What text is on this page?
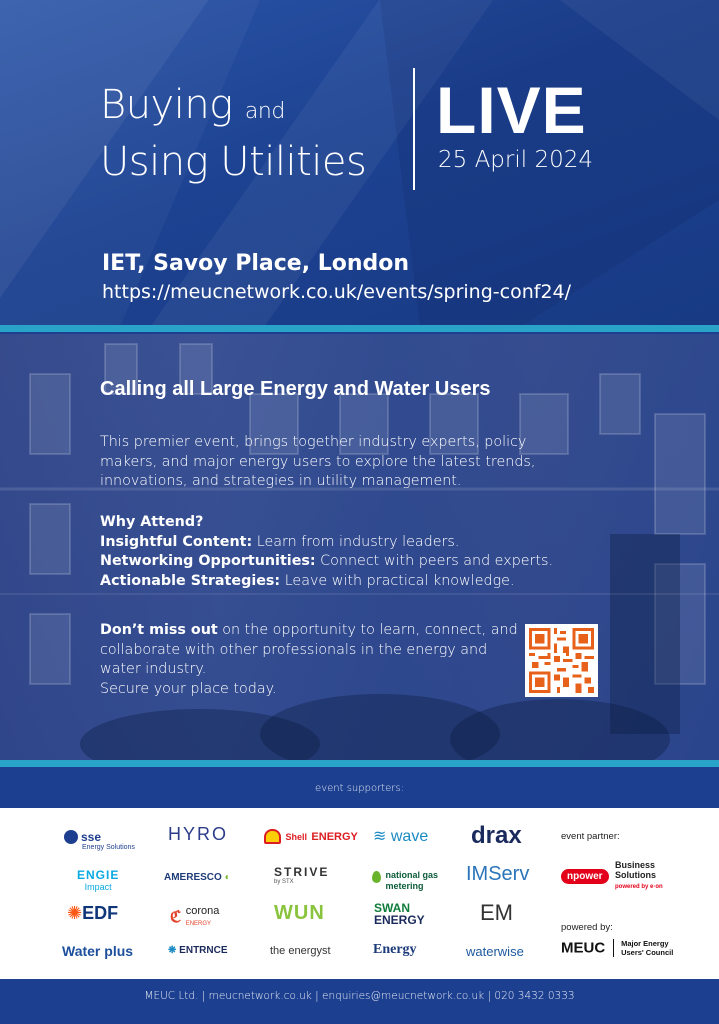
Buying and
Using Utilities
LIVE
25 April 2024
IET, Savoy Place, London
https://meucnetwork.co.uk/events/spring-conf24/
Calling all Large Energy and Water Users
This premier event, brings together industry experts, policy makers, and major energy users to explore the latest trends, innovations, and strategies in utility management.
Why Attend?
Insightful Content: Learn from industry leaders.
Networking Opportunities: Connect with peers and experts.
Actionable Strategies: Leave with practical knowledge.
Don’t miss out on the opportunity to learn, connect, and collaborate with other professionals in the energy and water industry.
Secure your place today.
event supporters:
sse
Energy Solutions
HYRO	Shell ENERGY ≋ wave drax	event partner:
ENGIE
Impact
AMERESCO ◐	STRIVE
by STX
national gas
metering
IMServ	npower Business
Solutions
powered by e·on
✺EDF	ℭ corona
ENERGY	WUN	SWAN
ENERGY	EM
powered by:
Water plus	❋ ENTRNCE	the energyst	Energy	waterwise MEUC Major Energy
Users' Council
MEUC Ltd. | meucnetwork.co.uk | enquiries@meucnetwork.co.uk | 020 3432 0333
